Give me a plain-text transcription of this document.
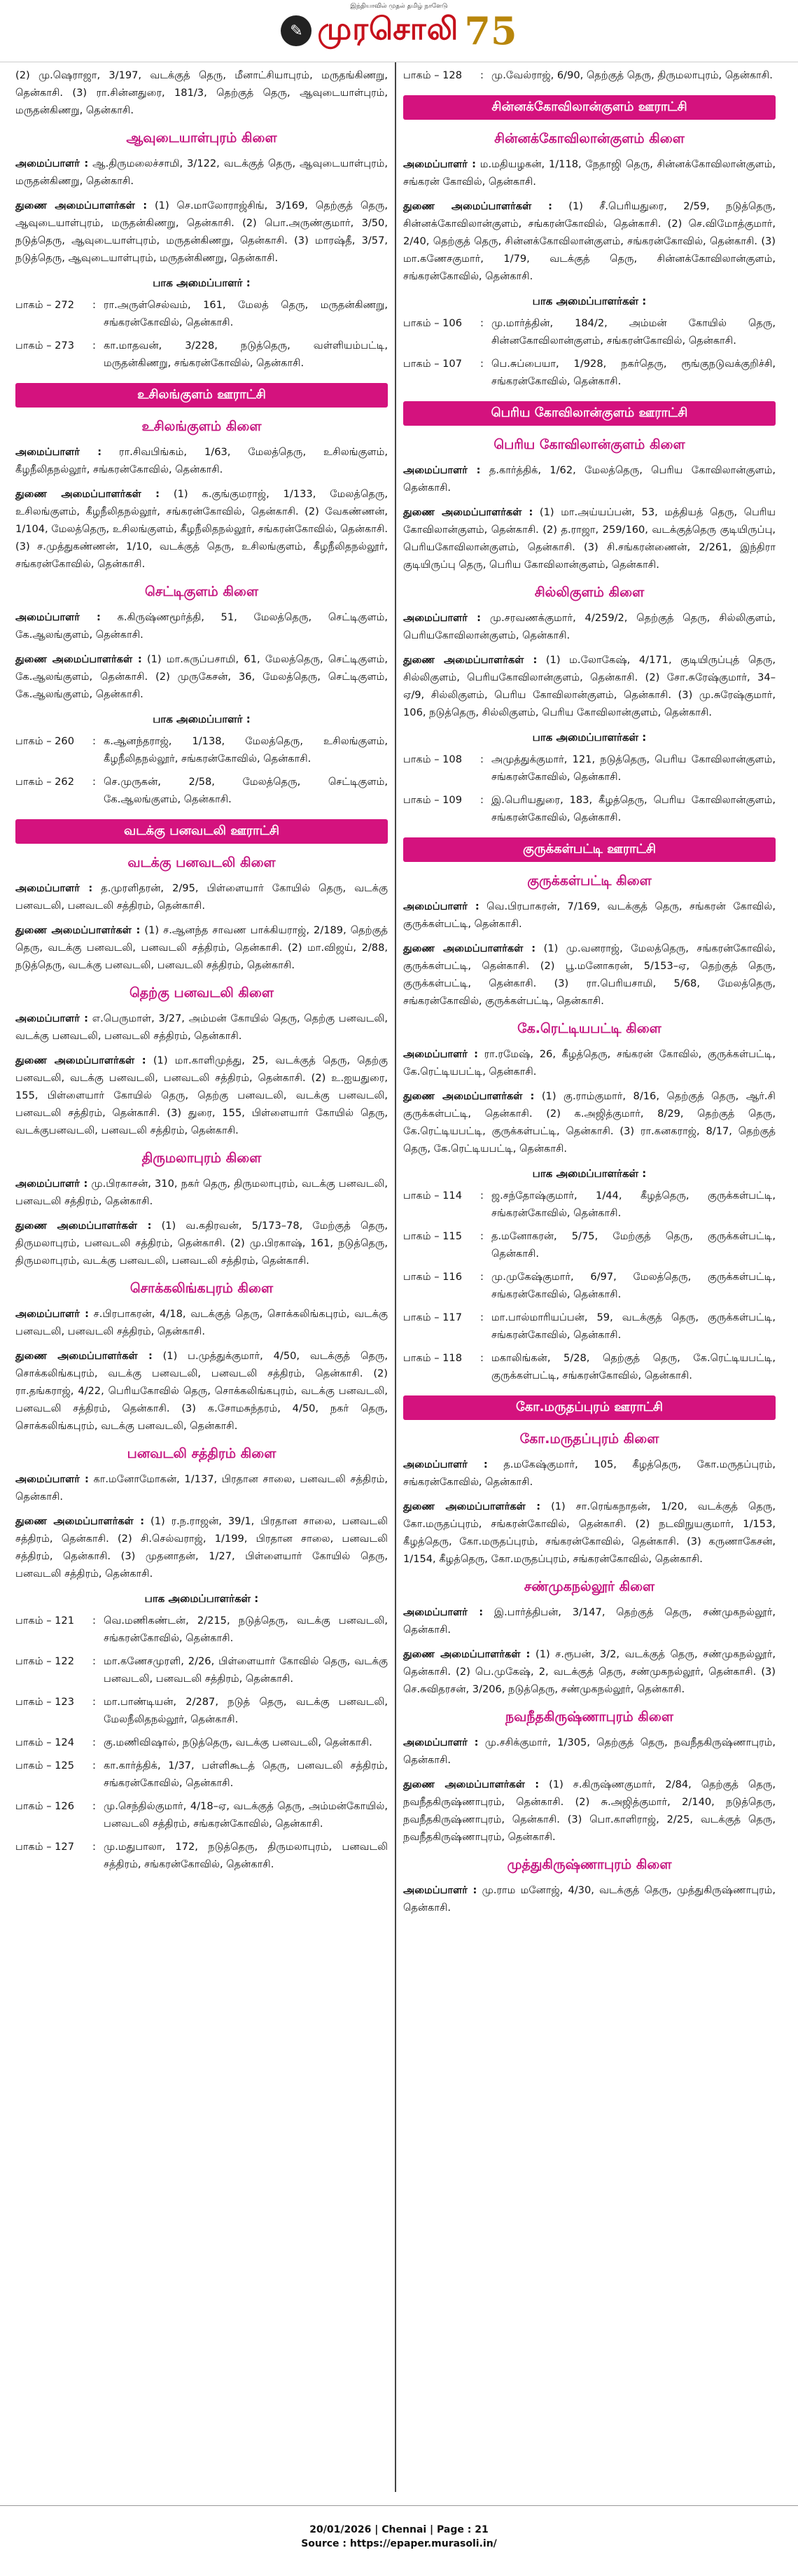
இந்தியாவில் முதல் தமிழ் நாளேடு
✎ முரசொலி 75

(2) மு.ஷெராஜா, 3/197, வடக்குத் தெரு, மீனாட்சியாபுரம், மருதங்கிணறு, தென்காசி. (3) ரா.சின்னதுரை, 181/3, தெற்குத் தெரு, ஆவுடையாள்புரம், மருதன்கிணறு, தென்காசி.

ஆவுடையாள்புரம் கிளை

அமைப்பாளர் : ஆ.திருமலைச்சாமி, 3/122, வடக்குத் தெரு, ஆவுடையாள்புரம், மருதன்கிணறு, தென்காசி.

துணை அமைப்பாளர்கள் : (1) செ.மாலோராஜ்சிங், 3/169, தெற்குத் தெரு, ஆவுடையாள்புரம், மருதன்கிணறு, தென்காசி. (2) பொ.அருண்குமார், 3/50, நடுத்தெரு, ஆவுடையாள்புரம், மருதன்கிணறு, தென்காசி. (3) மாரஷ்தீ, 3/57, நடுத்தெரு, ஆவுடையாள்புரம், மருதன்கிணறு, தென்காசி.

பாக அமைப்பாளர் :
பாகம் – 272	: ரா.அருள்செல்வம், 161, மேலத் தெரு, மருதன்கிணறு, சங்கரன்கோவில், தென்காசி.
பாகம் – 273	: கா.மாதவன், 3/228, நடுத்தெரு, வள்ளியம்பட்டி, மருதன்கிணறு, சங்கரன்கோவில், தென்காசி.
உசிலங்குளம் ஊராட்சி
உசிலங்குளம் கிளை

அமைப்பாளர் : ரா.சிவபிங்கம், 1/63, மேலத்தெரு, உசிலங்குளம், கீழநீலிதநல்லூர், சங்கரன்கோவில், தென்காசி.

துணை அமைப்பாளர்கள் : (1) க.குங்குமராஜ், 1/133, மேலத்தெரு, உசிலங்குளம், கீழநீலிதநல்லூர், சங்கரன்கோவில், தென்காசி. (2) வேகண்ணன், 1/104, மேலத்தெரு, உசிலங்குளம், கீழநீலிதநல்லூர், சங்கரன்கோவில், தென்காசி. (3) ச.முத்துகண்ணன், 1/10, வடக்குத் தெரு, உசிலங்குளம், கீழநீலிதநல்லூர், சங்கரன்கோவில், தென்காசி.

செட்டிகுளம் கிளை

அமைப்பாளர் : க.கிருஷ்ணமூர்த்தி, 51, மேலத்தெரு, செட்டிகுளம், கே.ஆலங்குளம், தென்காசி.

துணை அமைப்பாளர்கள் : (1) மா.கருப்பசாமி, 61, மேலத்தெரு, செட்டிகுளம், கே.ஆலங்குளம், தென்காசி. (2) முருகேசன், 36, மேலத்தெரு, செட்டிகுளம், கே.ஆலங்குளம், தென்காசி.

பாக அமைப்பாளர் :
பாகம் – 260	: க.ஆனந்தராஜ், 1/138, மேலத்தெரு, உசிலங்குளம், கீழநீலிதநல்லூர், சங்கரன்கோவில், தென்காசி.
பாகம் – 262	: செ.முருகன், 2/58, மேலத்தெரு, செட்டிகுளம், கே.ஆலங்குளம், தென்காசி.
வடக்கு பனவடலி ஊராட்சி
வடக்கு பனவடலி கிளை

அமைப்பாளர் : த.முரளிதரன், 2/95, பிள்ளையார் கோயில் தெரு, வடக்கு பனவடலி, பனவடலி சத்திரம், தென்காசி.

துணை அமைப்பாளர்கள் : (1) ச.ஆனந்த சாவண பாக்கியராஜ், 2/189, தெற்குத் தெரு, வடக்கு பனவடலி, பனவடலி சத்திரம், தென்காசி. (2) மா.விஜய், 2/88, நடுத்தெரு, வடக்கு பனவடலி, பனவடலி சத்திரம், தென்காசி.

தெற்கு பனவடலி கிளை

அமைப்பாளர் : எ.பெருமாள், 3/27, அம்மன் கோயில் தெரு, தெற்கு பனவடலி, வடக்கு பனவடலி, பனவடலி சத்திரம், தென்காசி.

துணை அமைப்பாளர்கள் : (1) மா.காளிமுத்து, 25, வடக்குத் தெரு, தெற்கு பனவடலி, வடக்கு பனவடலி, பனவடலி சத்திரம், தென்காசி. (2) உ.ஐயதுரை, 155, பிள்ளையார் கோயில் தெரு, தெற்கு பனவடலி, வடக்கு பனவடலி, பனவடலி சத்திரம், தென்காசி. (3) துரை, 155, பிள்ளையார் கோயில் தெரு, வடக்குபனவடலி, பனவடலி சத்திரம், தென்காசி.

திருமலாபுரம் கிளை

அமைப்பாளர் : மு.பிரகாசன், 310, நகர் தெரு, திருமலாபுரம், வடக்கு பனவடலி, பனவடலி சத்திரம், தென்காசி.

துணை அமைப்பாளர்கள் : (1) வ.கதிரவன், 5/173–78, மேற்குத் தெரு, திருமலாபுரம், பனவடலி சத்திரம், தென்காசி. (2) மு.பிரகாஷ், 161, நடுத்தெரு, திருமலாபுரம், வடக்கு பனவடலி, பனவடலி சத்திரம், தென்காசி.

சொக்கலிங்கபுரம் கிளை

அமைப்பாளர் : ச.பிரபாகரன், 4/18, வடக்குத் தெரு, சொக்கலிங்கபுரம், வடக்கு பனவடலி, பனவடலி சத்திரம், தென்காசி.

துணை அமைப்பாளர்கள் : (1) ப.முத்துக்குமார், 4/50, வடக்குத் தெரு, சொக்கலிங்கபுரம், வடக்கு பனவடலி, பனவடலி சத்திரம், தென்காசி. (2) ரா.தங்கராஜ், 4/22, பெரியகோவில் தெரு, சொக்கலிங்கபுரம், வடக்கு பனவடலி, பனவடலி சத்திரம், தென்காசி. (3) க.சோமசுந்தரம், 4/50, நகர் தெரு, சொக்கலிங்கபுரம், வடக்கு பனவடலி, தென்காசி.

பனவடலி சத்திரம் கிளை

அமைப்பாளர் : கா.மனோமோகன், 1/137, பிரதான சாலை, பனவடலி சத்திரம், தென்காசி.

துணை அமைப்பாளர்கள் : (1) ர.ந.ராஜன், 39/1, பிரதான சாலை, பனவடலி சத்திரம், தென்காசி. (2) சி.செல்வராஜ், 1/199, பிரதான சாலை, பனவடலி சத்திரம், தென்காசி. (3) முதனாதன், 1/27, பிள்ளையார் கோயில் தெரு, பனவடலி சத்திரம், தென்காசி.

பாக அமைப்பாளர்கள் :
பாகம் – 121	: வெ.மணிகண்டன், 2/215, நடுத்தெரு, வடக்கு பனவடலி, சங்கரன்கோவில், தென்காசி.
பாகம் – 122	: மா.கணேசமுரளி, 2/26, பிள்ளையார் கோவில் தெரு, வடக்கு பனவடலி, பனவடலி சத்திரம், தென்காசி.
பாகம் – 123	: மா.பாண்டியன், 2/287, நடுத் தெரு, வடக்கு பனவடலி, மேலநீலிதநல்லூர், தென்காசி.
பாகம் – 124	: கு.மணிவிஷால், நடுத்தெரு, வடக்கு பனவடலி, தென்காசி.
பாகம் – 125	: கா.கார்த்திக், 1/37, பள்ளிகூடத் தெரு, பனவடலி சத்திரம், சங்கரன்கோவில், தென்காசி.
பாகம் – 126	: மு.செந்தில்குமார், 4/18–ஏ, வடக்குத் தெரு, அம்மன்கோயில், பனவடலி சத்திரம், சங்கரன்கோவில், தென்காசி.
பாகம் – 127	: மு.மதுபாலா, 172, நடுத்தெரு, திருமலாபுரம், பனவடலி சத்திரம், சங்கரன்கோவில், தென்காசி.
பாகம் – 128	: மு.வேல்ராஜ், 6/90, தெற்குத் தெரு, திருமலாபுரம், தென்காசி.
சின்னக்கோவிலான்குளம் ஊராட்சி
சின்னக்கோவிலான்குளம் கிளை

அமைப்பாளர் : ம.மதியழகன், 1/118, நேதாஜி தெரு, சின்னக்கோவிலான்குளம், சங்கரன் கோவில், தென்காசி.

துணை அமைப்பாளர்கள் : (1) சீ.பெரியதுரை, 2/59, நடுத்தெரு, சின்னக்கோவிலான்குளம், சங்கரன்கோவில், தென்காசி. (2) செ.விமோத்குமார், 2/40, தெற்குத் தெரு, சின்னக்கோவிலான்குளம், சங்கரன்கோவில், தென்காசி. (3) மா.கணேசகுமார், 1/79, வடக்குத் தெரு, சின்னக்கோவிலான்குளம், சங்கரன்கோவில், தென்காசி.

பாக அமைப்பாளர்கள் :
பாகம் – 106	: மு.மார்த்தின், 184/2, அம்மன் கோயில் தெரு, சின்னகோவிலான்குளம், சங்கரன்கோவில், தென்காசி.
பாகம் – 107	: பெ.சுப்பையா, 1/928, நகர்தெரு, ரூங்குநடுவக்குறிச்சி, சங்கரன்கோவில், தென்காசி.
பெரிய கோவிலான்குளம் ஊராட்சி
பெரிய கோவிலான்குளம் கிளை

அமைப்பாளர் : த.கார்த்திக், 1/62, மேலத்தெரு, பெரிய கோவிலான்குளம், தென்காசி.

துணை அமைப்பாளர்கள் : (1) மா.அய்யப்பன், 53, மத்தியத் தெரு, பெரிய கோவிலான்குளம், தென்காசி. (2) த.ராஜா, 259/160, வடக்குத்தெரு குடியிருப்பு, பெரியகோவிலான்குளம், தென்காசி. (3) சி.சங்கரன்ணைன், 2/261, இந்திரா குடியிருப்பு தெரு, பெரிய கோவிலான்குளம், தென்காசி.

சில்லிகுளம் கிளை

அமைப்பாளர் : மு.சரவணக்குமார், 4/259/2, தெற்குத் தெரு, சில்லிகுளம், பெரியகோவிலான்குளம், தென்காசி.

துணை அமைப்பாளர்கள் : (1) ம.லோகேஷ், 4/171, குடியிருப்புத் தெரு, சில்லிகுளம், பெரியகோவிலான்குளம், தென்காசி. (2) சோ.சுரேஷ்குமார், 34–ஏ/9, சில்லிகுளம், பெரிய கோவிலான்குளம், தென்காசி. (3) மு.சுரேஷ்குமார், 106, நடுத்தெரு, சில்லிகுளம், பெரிய கோவிலான்குளம், தென்காசி.

பாக அமைப்பாளர்கள் :
பாகம் – 108	: அமுத்துக்குமார், 121, நடுத்தெரு, பெரிய கோவிலான்குளம், சங்கரன்கோவில், தென்காசி.
பாகம் – 109	: இ.பெரியதுரை, 183, கீழத்தெரு, பெரிய கோவிலான்குளம், சங்கரன்கோவில், தென்காசி.
குருக்கள்பட்டி ஊராட்சி
குருக்கள்பட்டி கிளை

அமைப்பாளர் : வெ.பிரபாகரன், 7/169, வடக்குத் தெரு, சங்கரன் கோவில், குருக்கள்பட்டி, தென்காசி.

துணை அமைப்பாளர்கள் : (1) மு.வனராஜ், மேலத்தெரு, சங்கரன்கோவில், குருக்கள்பட்டி, தென்காசி. (2) பூ.மனோகரன், 5/153–ஏ, தெற்குத் தெரு, குருக்கள்பட்டி, தென்காசி. (3) ரா.பெரியசாமி, 5/68, மேலத்தெரு, சங்கரன்கோவில், குருக்கள்பட்டி, தென்காசி.

கே.ரெட்டியபட்டி கிளை

அமைப்பாளர் : ரா.ரமேஷ், 26, கீழத்தெரு, சங்கரன் கோவில், குருக்கள்பட்டி, கே.ரெட்டியபட்டி, தென்காசி.

துணை அமைப்பாளர்கள் : (1) கு.ராம்குமார், 8/16, தெற்குத் தெரு, ஆர்.சி குருக்கள்பட்டி, தென்காசி. (2) க.அஜித்குமார், 8/29, தெற்குத் தெரு, கே.ரெட்டியபட்டி, குருக்கள்பட்டி, தென்காசி. (3) ரா.கனகராஜ், 8/17, தெற்குத் தெரு, கே.ரெட்டியபட்டி, தென்காசி.

பாக அமைப்பாளர்கள் :
பாகம் – 114	: ஜ.சந்தோஷ்குமார், 1/44, கீழத்தெரு, குருக்கள்பட்டி, சங்கரன்கோவில், தென்காசி.
பாகம் – 115	: த.மனோகரன், 5/75, மேற்குத் தெரு, குருக்கள்பட்டி, தென்காசி.
பாகம் – 116	: மு.முகேஷ்குமார், 6/97, மேலத்தெரு, குருக்கள்பட்டி, சங்கரன்கோவில், தென்காசி.
பாகம் – 117	: மா.பால்மாரியப்பன், 59, வடக்குத் தெரு, குருக்கள்பட்டி, சங்கரன்கோவில், தென்காசி.
பாகம் – 118	: மகாலிங்கன், 5/28, தெற்குத் தெரு, கே.ரெட்டியபட்டி, குருக்கள்பட்டி, சங்கரன்கோவில், தென்காசி.
கோ.மருதப்புரம் ஊராட்சி
கோ.மருதப்புரம் கிளை

அமைப்பாளர் : த.மகேஷ்குமார், 105, கீழத்தெரு, கோ.மருதப்புரம், சங்கரன்கோவில், தென்காசி.

துணை அமைப்பாளர்கள் : (1) சா.ரெங்கநாதன், 1/20, வடக்குத் தெரு, கோ.மருதப்புரம், சங்கரன்கோவில், தென்காசி. (2) நடவிநுயகுமார், 1/153, கீழத்தெரு, கோ.மருதப்புரம், சங்கரன்கோவில், தென்காசி. (3) கருணாகேசன், 1/154, கீழத்தெரு, கோ.மருதப்புரம், சங்கரன்கோவில், தென்காசி.

சண்முகநல்லூர் கிளை

அமைப்பாளர் : இ.பார்த்திபன், 3/147, தெற்குத் தெரு, சண்முகநல்லூர், தென்காசி.

துணை அமைப்பாளர்கள் : (1) ச.ரூபன், 3/2, வடக்குத் தெரு, சண்முகநல்லூர், தென்காசி. (2) பெ.முகேஷ், 2, வடக்குத் தெரு, சண்முகநல்லூர், தென்காசி. (3) செ.சுவிதரசன், 3/206, நடுத்தெரு, சண்முகநல்லூர், தென்காசி.

நவநீதகிருஷ்ணாபுரம் கிளை

அமைப்பாளர் : மு.சசிக்குமார், 1/305, தெற்குத் தெரு, நவநீதகிருஷ்ணாபுரம், தென்காசி.

துணை அமைப்பாளர்கள் : (1) ச.கிருஷ்ணகுமார், 2/84, தெற்குத் தெரு, நவநீதகிருஷ்ணாபுரம், தென்காசி. (2) சு.அஜித்குமார், 2/140, நடுத்தெரு, நவநீதகிருஷ்ணாபுரம், தென்காசி. (3) பொ.காளிராஜ், 2/25, வடக்குத் தெரு, நவநீதகிருஷ்ணாபுரம், தென்காசி.

முத்துகிருஷ்ணாபுரம் கிளை

அமைப்பாளர் : மு.ராம மனோஜ், 4/30, வடக்குத் தெரு, முத்துகிருஷ்ணாபுரம், தென்காசி.

20/01/2026 | Chennai | Page : 21
Source : https://epaper.murasoli.in/
